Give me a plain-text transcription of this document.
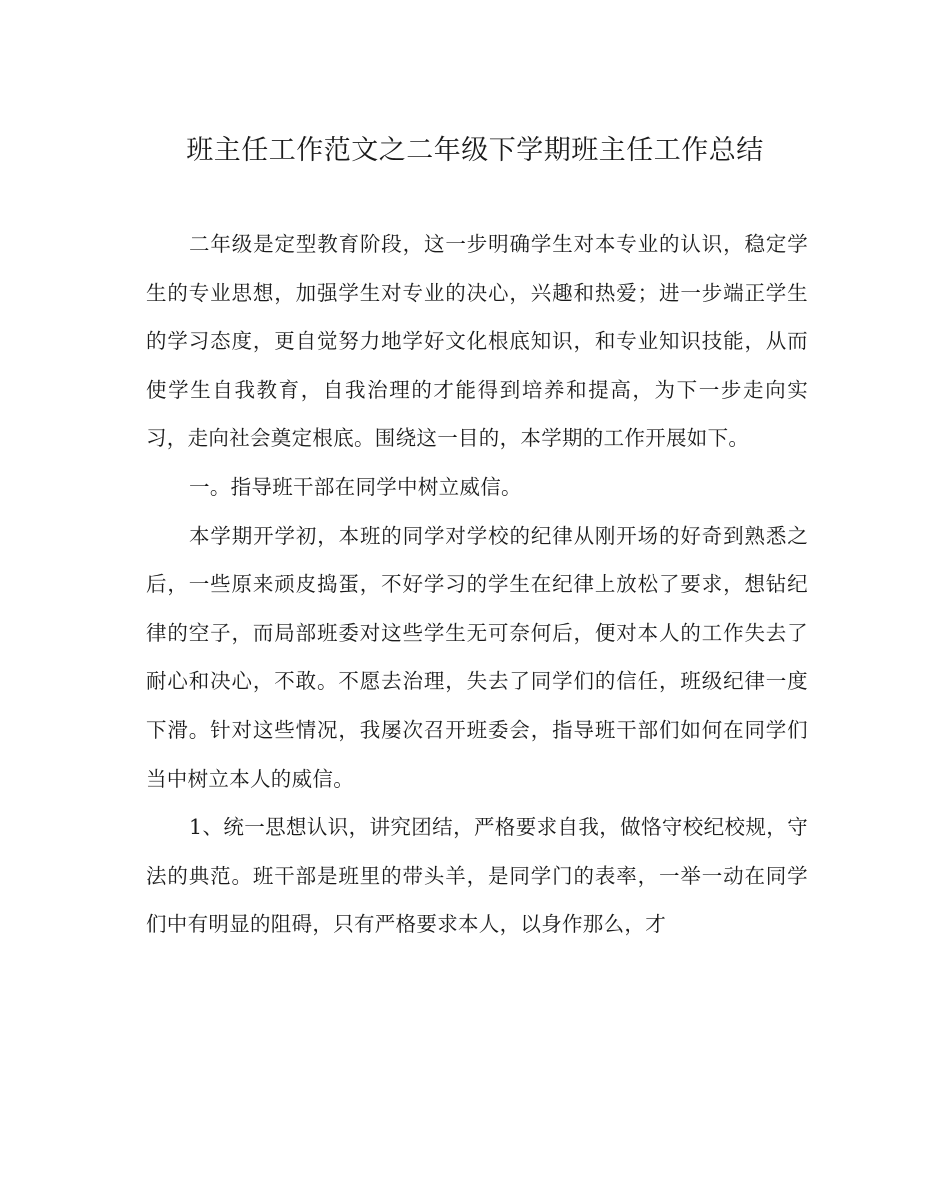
班主任工作范文之二年级下学期班主任工作总结

二年级是定型教育阶段，这一步明确学生对本专业的认识，稳定学生的专业思想，加强学生对专业的决心，兴趣和热爱；进一步端正学生的学习态度，更自觉努力地学好文化根底知识，和专业知识技能，从而使学生自我教育，自我治理的才能得到培养和提高，为下一步走向实习，走向社会奠定根底。围绕这一目的，本学期的工作开展如下。

一。指导班干部在同学中树立威信。

本学期开学初，本班的同学对学校的纪律从刚开场的好奇到熟悉之后，一些原来顽皮捣蛋，不好学习的学生在纪律上放松了要求，想钻纪律的空子，而局部班委对这些学生无可奈何后，便对本人的工作失去了耐心和决心，不敢。不愿去治理，失去了同学们的信任，班级纪律一度下滑。针对这些情况，我屡次召开班委会，指导班干部们如何在同学们当中树立本人的威信。

1、统一思想认识，讲究团结，严格要求自我，做恪守校纪校规，守法的典范。班干部是班里的带头羊，是同学门的表率，一举一动在同学们中有明显的阻碍，只有严格要求本人，以身作那么，才
